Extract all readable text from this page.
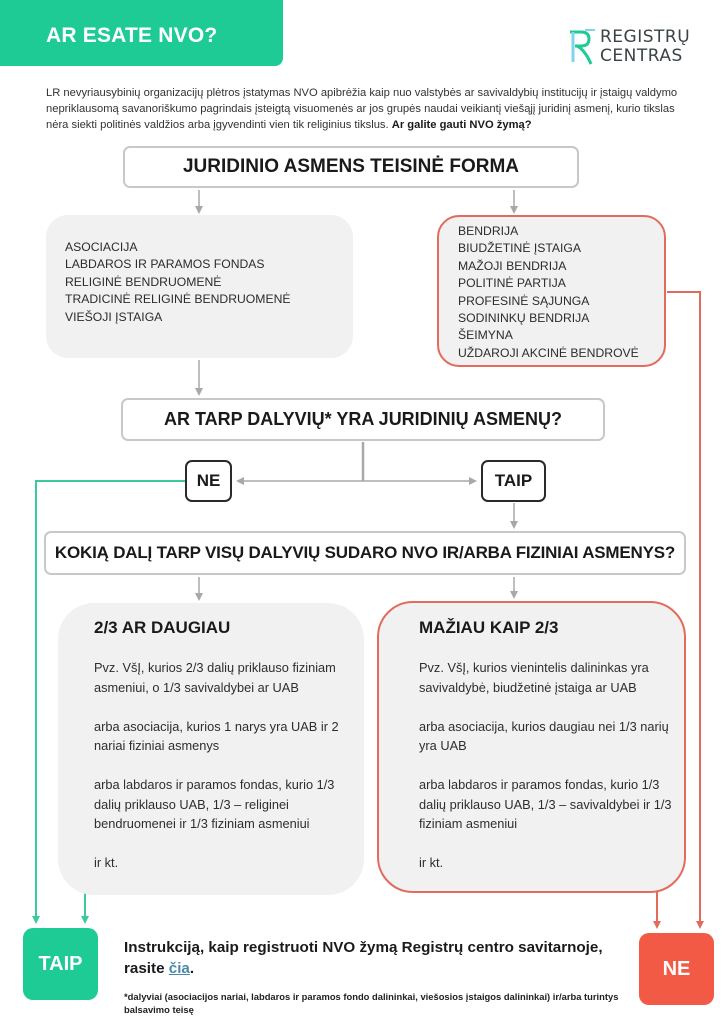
AR ESATE NVO?	REGISTRŲ
CENTRAS
LR nevyriausybinių organizacijų plėtros įstatymas NVO apibrėžia kaip nuo valstybės ar savivaldybių institucijų ir įstaigų valdymo nepriklausomą savanoriškumo pagrindais įsteigtą visuomenės ar jos grupės naudai veikiantį viešąjį juridinį asmenį, kurio tikslas nėra siekti politinės valdžios arba įgyvendinti vien tik religinius tikslus. Ar galite gauti NVO žymą?
JURIDINIO ASMENS TEISINĖ FORMA
ASOCIACIJA
LABDAROS IR PARAMOS FONDAS
RELIGINĖ BENDRUOMENĖ
TRADICINĖ RELIGINĖ BENDRUOMENĖ
VIEŠOJI ĮSTAIGA
BENDRIJA
BIUDŽETINĖ ĮSTAIGA
MAŽOJI BENDRIJA
POLITINĖ PARTIJA
PROFESINĖ SĄJUNGA
SODININKŲ BENDRIJA
ŠEIMYNA
UŽDAROJI AKCINĖ BENDROVĖ
AR TARP DALYVIŲ* YRA JURIDINIŲ ASMENŲ?
NE	TAIP
KOKIĄ DALĮ TARP VISŲ DALYVIŲ SUDARO NVO IR/ARBA FIZINIAI ASMENYS?
2/3 AR DAUGIAU
Pvz. VšĮ, kurios 2/3 dalių priklauso fiziniam asmeniui, o 1/3 savivaldybei ar UAB
arba asociacija, kurios 1 narys yra UAB ir 2 nariai fiziniai asmenys
arba labdaros ir paramos fondas, kurio 1/3 dalių priklauso UAB, 1/3 – religinei bendruomenei ir 1/3 fiziniam asmeniui
ir kt.
MAŽIAU KAIP 2/3
Pvz. VšĮ, kurios vienintelis dalininkas yra savivaldybė, biudžetinė įstaiga ar UAB
arba asociacija, kurios daugiau nei 1/3 narių yra UAB
arba labdaros ir paramos fondas, kurio 1/3 dalių priklauso UAB, 1/3 – savivaldybei ir 1/3 fiziniam asmeniui
ir kt.
TAIP	NE
Instrukciją, kaip registruoti NVO žymą Registrų centro savitarnoje, rasite čia.
*dalyviai (asociacijos nariai, labdaros ir paramos fondo dalininkai, viešosios įstaigos dalininkai) ir/arba turintys balsavimo teisę
